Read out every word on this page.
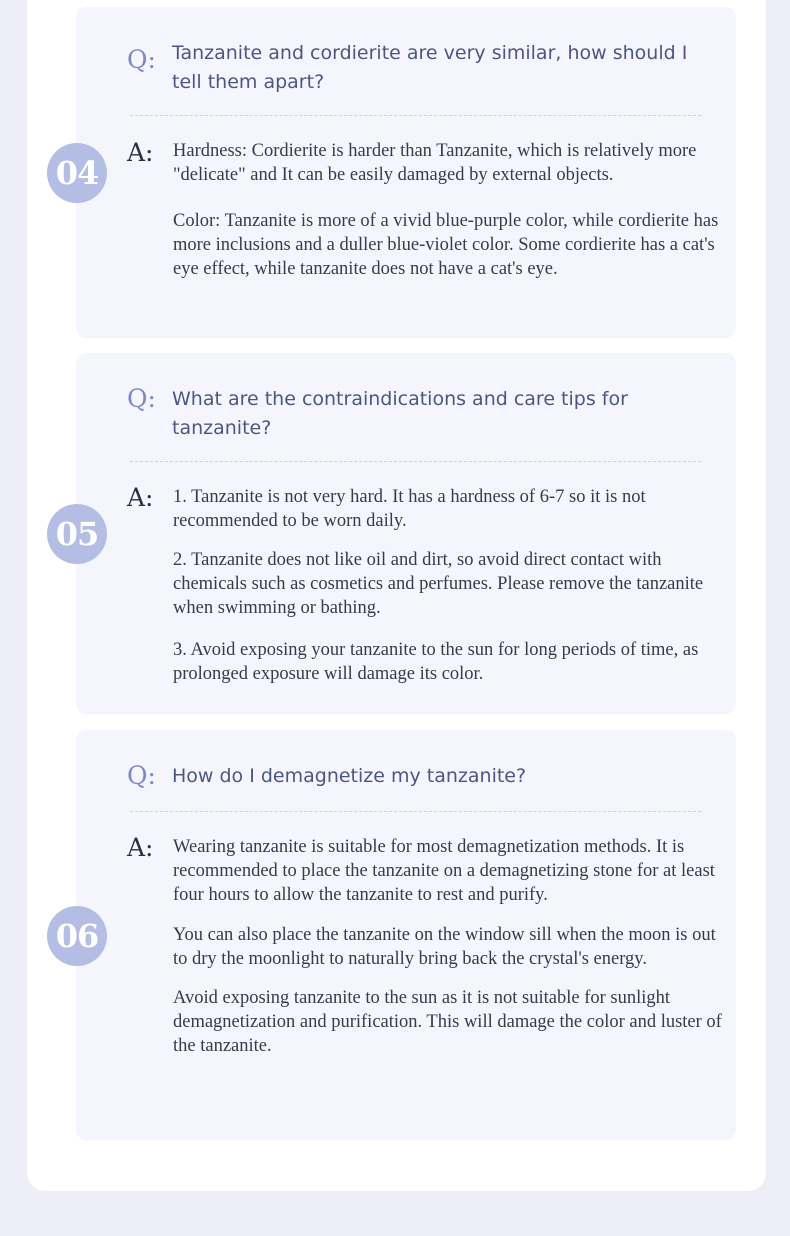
Q: Tanzanite and cordierite are very similar, how should I tell them apart?
A: Hardness: Cordierite is harder than Tanzanite, which is relatively more "delicate" and It can be easily damaged by external objects.

Color: Tanzanite is more of a vivid blue-purple color, while cordierite has more inclusions and a duller blue-violet color. Some cordierite has a cat's eye effect, while tanzanite does not have a cat's eye.

04
Q: What are the contraindications and care tips for tanzanite?
A: 1. Tanzanite is not very hard. It has a hardness of 6-7 so it is not recommended to be worn daily.

2. Tanzanite does not like oil and dirt, so avoid direct contact with chemicals such as cosmetics and perfumes. Please remove the tanzanite when swimming or bathing.

3. Avoid exposing your tanzanite to the sun for long periods of time, as prolonged exposure will damage its color.

05
Q: How do I demagnetize my tanzanite?
A: Wearing tanzanite is suitable for most demagnetization methods. It is recommended to place the tanzanite on a demagnetizing stone for at least four hours to allow the tanzanite to rest and purify.

You can also place the tanzanite on the window sill when the moon is out to dry the moonlight to naturally bring back the crystal's energy.

Avoid exposing tanzanite to the sun as it is not suitable for sunlight demagnetization and purification. This will damage the color and luster of the tanzanite.

06
